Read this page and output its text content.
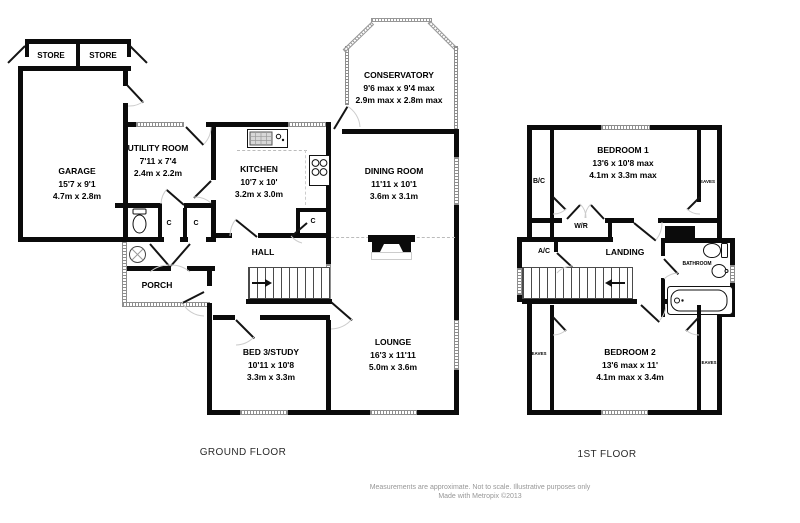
STORE	STORE
GARAGE
15'7 x 9'1
4.7m x 2.8m
UTILITY ROOM
7'11 x 7'4
2.4m x 2.2m	KITCHEN
10'7 x 10'
3.2m x 3.0m
DINING ROOM
11'11 x 10'1
3.6m x 3.1m
CONSERVATORY
9'6 max x 9'4 max
2.9m max x 2.8m max
HALL
PORCH
BED 3/STUDY
10'11 x 10'8
3.3m x 3.3m
LOUNGE
16'3 x 11'11
5.0m x 3.6m
C	C	C
BEDROOM 1
13'6 x 10'8 max
4.1m x 3.3m max
B/C	EAVES
W/R
A/C	LANDING
BATHROOM
BEDROOM 2
13'6 max x 11'
4.1m max x 3.4m
EAVES
EAVES
GROUND FLOOR	1ST FLOOR
Measurements are approximate. Not to scale. Illustrative purposes only
Made with Metropix ©2013
